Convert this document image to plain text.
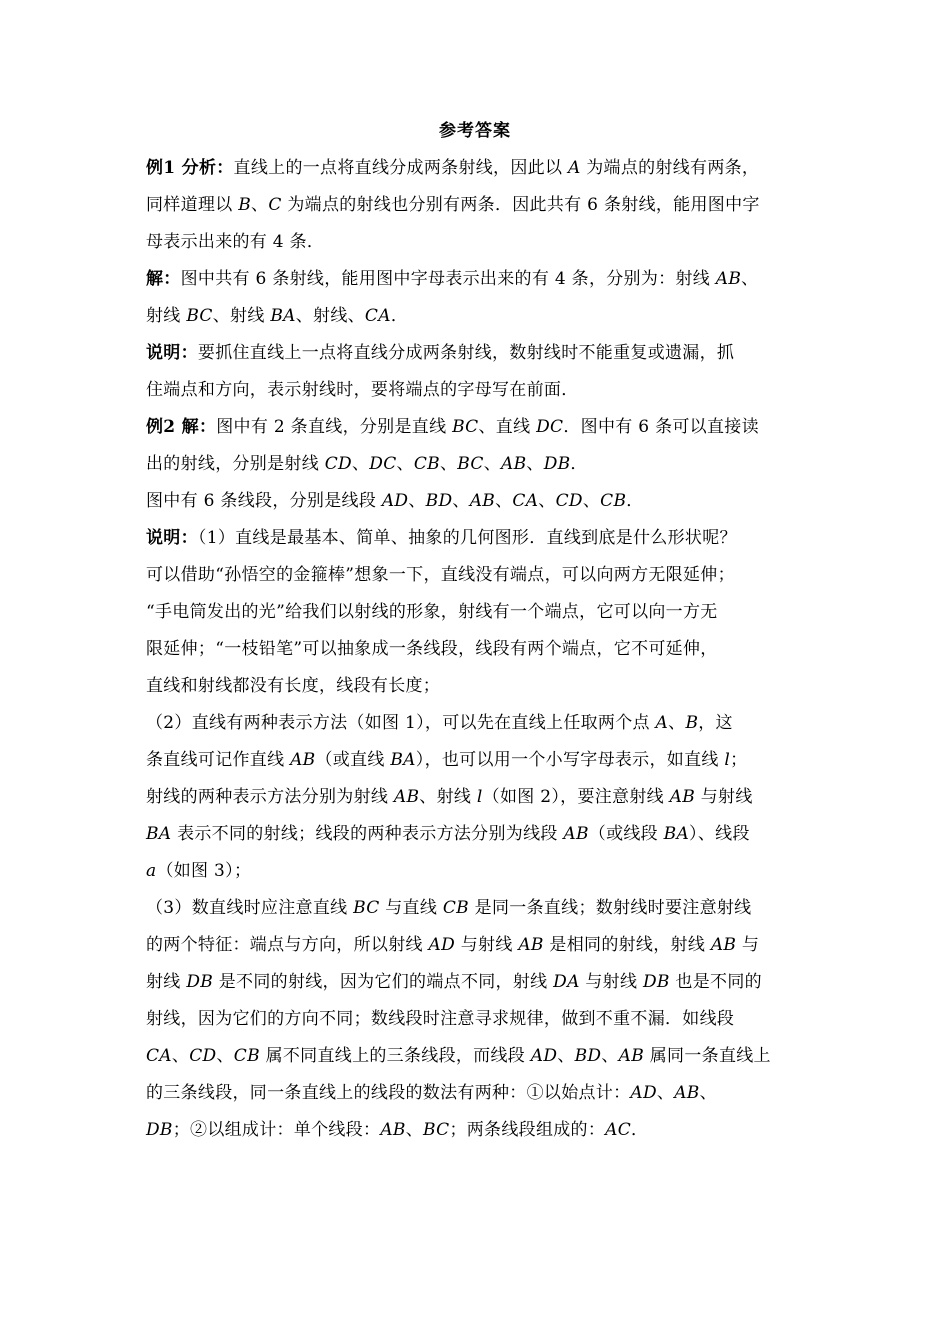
参考答案
例1 分析：直线上的一点将直线分成两条射线，因此以 A 为端点的射线有两条，
同样道理以 B、C 为端点的射线也分别有两条．因此共有 6 条射线，能用图中字
母表示出来的有 4 条．
解：图中共有 6 条射线，能用图中字母表示出来的有 4 条，分别为：射线 AB、
射线 BC、射线 BA、射线、CA．
说明：要抓住直线上一点将直线分成两条射线，数射线时不能重复或遗漏，抓
住端点和方向，表示射线时，要将端点的字母写在前面．
例2 解：图中有 2 条直线，分别是直线 BC、直线 DC．图中有 6 条可以直接读
出的射线，分别是射线 CD、DC、CB、BC、AB、DB．
图中有 6 条线段，分别是线段 AD、BD、AB、CA、CD、CB．
说明：（1）直线是最基本、简单、抽象的几何图形．直线到底是什么形状呢？
可以借助“孙悟空的金箍棒”想象一下，直线没有端点，可以向两方无限延伸；
“手电筒发出的光”给我们以射线的形象，射线有一个端点，它可以向一方无
限延伸；“一枝铅笔”可以抽象成一条线段，线段有两个端点，它不可延伸，
直线和射线都没有长度，线段有长度；
（2）直线有两种表示方法（如图 1），可以先在直线上任取两个点 A、B，这
条直线可记作直线 AB（或直线 BA），也可以用一个小写字母表示，如直线 l；
射线的两种表示方法分别为射线 AB、射线 l（如图 2），要注意射线 AB 与射线
BA 表示不同的射线；线段的两种表示方法分别为线段 AB（或线段 BA）、线段
a（如图 3）；
（3）数直线时应注意直线 BC 与直线 CB 是同一条直线；数射线时要注意射线
的两个特征：端点与方向，所以射线 AD 与射线 AB 是相同的射线，射线 AB 与
射线 DB 是不同的射线，因为它们的端点不同，射线 DA 与射线 DB 也是不同的
射线，因为它们的方向不同；数线段时注意寻求规律，做到不重不漏．如线段
CA、CD、CB 属不同直线上的三条线段，而线段 AD、BD、AB 属同一条直线上
的三条线段，同一条直线上的线段的数法有两种：①以始点计：AD、AB、
DB；②以组成计：单个线段：AB、BC；两条线段组成的：AC．
